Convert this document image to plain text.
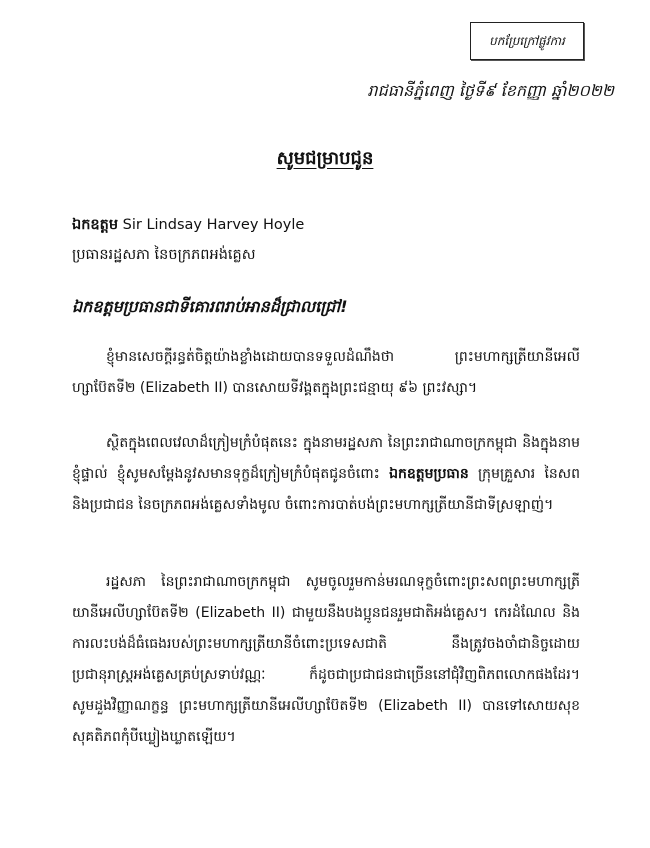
បកប្រែក្រៅផ្លូវការ
រាជធានីភ្នំពេញ ថ្ងៃទី៩ ខែកញ្ញា ឆ្នាំ២០២២
សូមជម្រាបជូន
ឯកឧត្តម Sir Lindsay Harvey Hoyle
ប្រធានរដ្ឋសភា នៃចក្រភពអង់គ្លេស
ឯកឧត្តមប្រធានជាទីគោរពរាប់អានដ៏ជ្រាលជ្រៅ!

ខ្ញុំមានសេចក្តីរន្ធត់ចិត្តយ៉ាងខ្លាំងដោយបានទទួលដំណឹងថា ព្រះមហាក្សត្រីយានីអេលីហ្សាប៊ែតទី២ (Elizabeth II) បានសោយទីវង្គតក្នុងព្រះជន្មាយុ ៩៦ ព្រះវស្សា។

ស្ថិតក្នុងពេលវេលាដ៏ក្រៀមក្រំបំផុតនេះ ក្នុងនាមរដ្ឋសភា នៃព្រះរាជាណាចក្រកម្ពុជា និងក្នុងនាមខ្ញុំផ្ទាល់ ខ្ញុំសូមសម្តែងនូវសមានទុក្ខដ៏ក្រៀមក្រំបំផុតជូនចំពោះ ឯកឧត្តមប្រធាន ក្រុមគ្រួសារ នៃសព និងប្រជាជន នៃចក្រភពអង់គ្លេសទាំងមូល ចំពោះការបាត់បង់ព្រះមហាក្សត្រីយានីជាទីស្រឡាញ់។

រដ្ឋសភា នៃព្រះរាជាណាចក្រកម្ពុជា សូមចូលរួមកាន់មរណទុក្ខចំពោះព្រះសពព្រះមហាក្សត្រីយានីអេលីហ្សាប៊ែតទី២ (Elizabeth II) ជាមួយនឹងបងប្អូនជនរួមជាតិអង់គ្លេស។ កេរដំណែល និងការលះបង់ដ៏ធំធេងរបស់ព្រះមហាក្សត្រីយានីចំពោះប្រទេសជាតិ នឹងត្រូវចងចាំជានិច្ចដោយប្រជានុរាស្ត្រអង់គ្លេសគ្រប់ស្រទាប់វណ្ណៈ ក៏ដូចជាប្រជាជនជាច្រើននៅជុំវិញពិភពលោកផងដែរ។ សូមដួងវិញ្ញាណក្ខន្ធ ព្រះមហាក្សត្រីយានីអេលីហ្សាប៊ែតទី២ (Elizabeth II) បានទៅសោយសុខសុគតិភពកុំបីឃ្លៀងឃ្លាតឡើយ។
